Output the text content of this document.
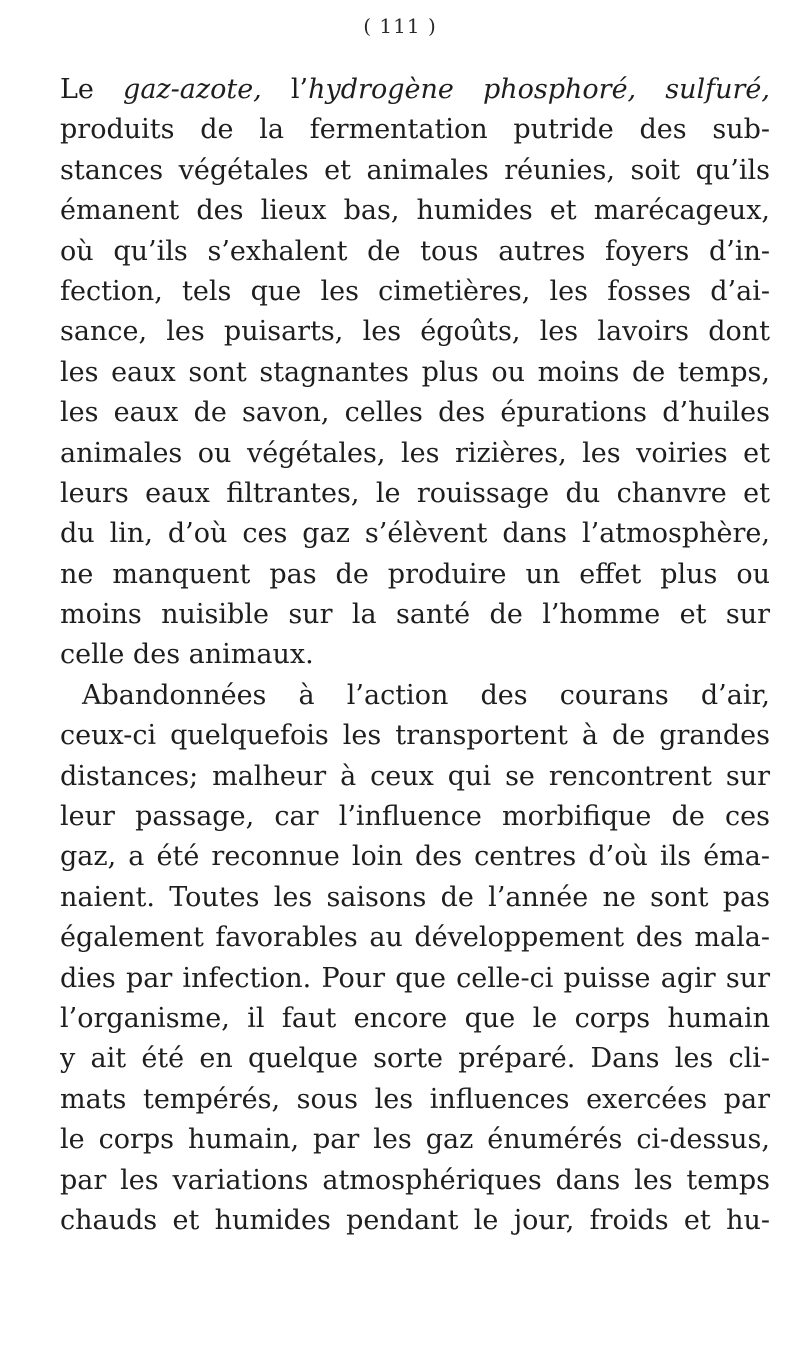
( 111 )
Le gaz-azote, l’hydrogène phosphoré, sulfuré,
produits de la fermentation putride des sub-
stances végétales et animales réunies, soit qu’ils
émanent des lieux bas, humides et marécageux,
où qu’ils s’exhalent de tous autres foyers d’in-
fection, tels que les cimetières, les fosses d’ai-
sance, les puisarts, les égoûts, les lavoirs dont
les eaux sont stagnantes plus ou moins de temps,
les eaux de savon, celles des épurations d’huiles
animales ou végétales, les rizières, les voiries et
leurs eaux filtrantes, le rouissage du chanvre et
du lin, d’où ces gaz s’élèvent dans l’atmosphère,
ne manquent pas de produire un effet plus ou
moins nuisible sur la santé de l’homme et sur
celle des animaux.
Abandonnées à l’action des courans d’air,
ceux-ci quelquefois les transportent à de grandes
distances; malheur à ceux qui se rencontrent sur
leur passage, car l’influence morbifique de ces
gaz, a été reconnue loin des centres d’où ils éma-
naient. Toutes les saisons de l’année ne sont pas
également favorables au développement des mala-
dies par infection. Pour que celle-ci puisse agir sur
l’organisme, il faut encore que le corps humain
y ait été en quelque sorte préparé. Dans les cli-
mats tempérés, sous les influences exercées par
le corps humain, par les gaz énumérés ci-dessus,
par les variations atmosphériques dans les temps
chauds et humides pendant le jour, froids et hu-
